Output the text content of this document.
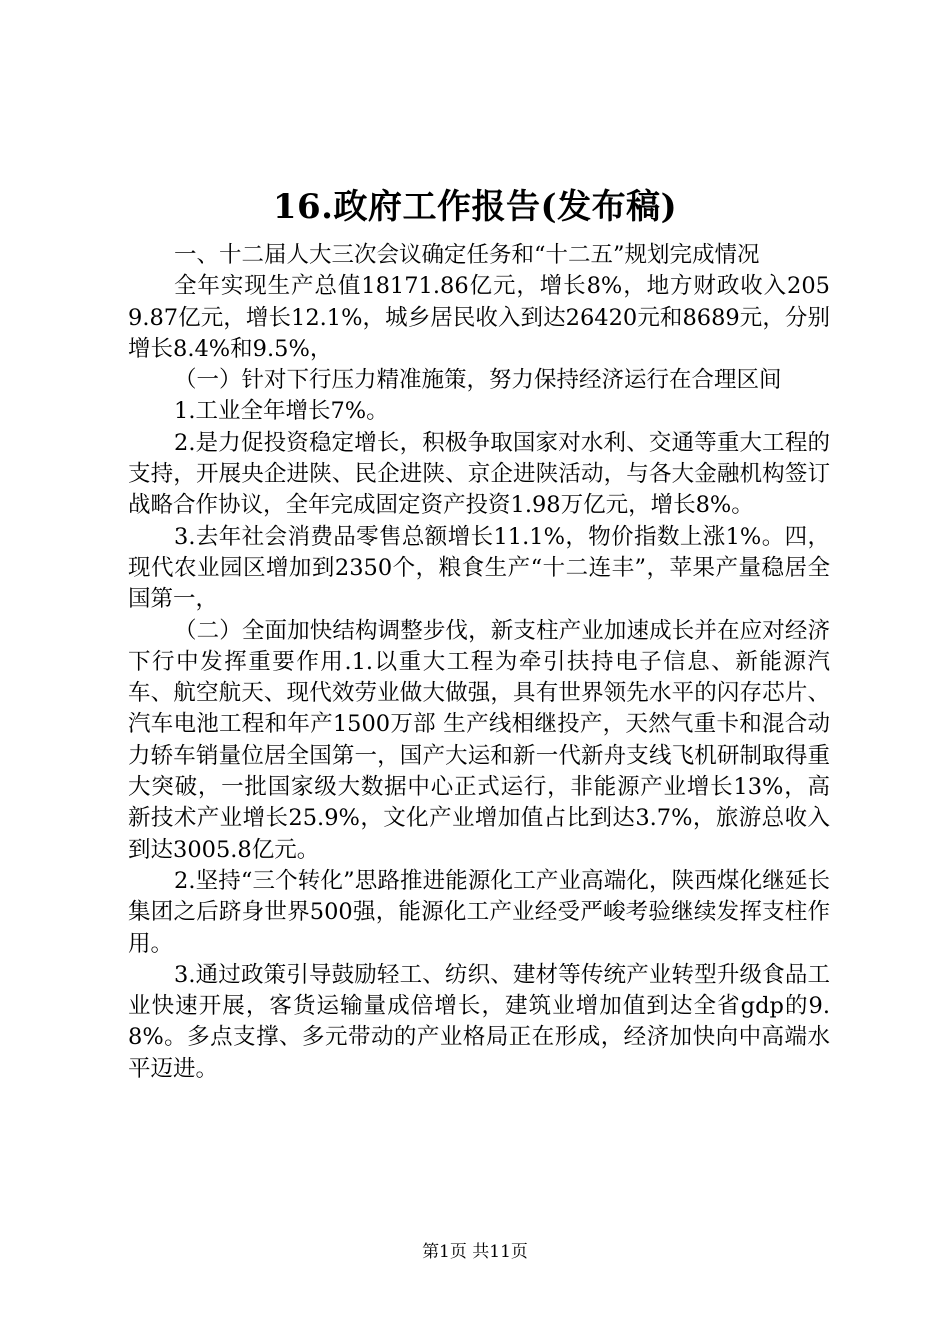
16.政府工作报告(发布稿)

一、十二届人大三次会议确定任务和“十二五”规划完成情况

全年实现生产总值18171.86亿元，增长8%，地方财政收入2059.87亿元，增长12.1%，城乡居民收入到达26420元和8689元，分别增长8.4%和9.5%，

（一）针对下行压力精准施策，努力保持经济运行在合理区间

1.工业全年增长7%。

2.是力促投资稳定增长，积极争取国家对水利、交通等重大工程的支持，开展央企进陕、民企进陕、京企进陕活动，与各大金融机构签订战略合作协议，全年完成固定资产投资1.98万亿元，增长8%。

3.去年社会消费品零售总额增长11.1%，物价指数上涨1%。四，现代农业园区增加到2350个，粮食生产“十二连丰”，苹果产量稳居全国第一，

（二）全面加快结构调整步伐，新支柱产业加速成长并在应对经济下行中发挥重要作用.1.以重大工程为牵引扶持电子信息、新能源汽车、航空航天、现代效劳业做大做强，具有世界领先水平的闪存芯片、汽车电池工程和年产1500万部 生产线相继投产，天然气重卡和混合动力轿车销量位居全国第一，国产大运和新一代新舟支线飞机研制取得重大突破，一批国家级大数据中心正式运行，非能源产业增长13%，高新技术产业增长25.9%，文化产业增加值占比到达3.7%，旅游总收入到达3005.8亿元。

2.坚持“三个转化”思路推进能源化工产业高端化，陕西煤化继延长集团之后跻身世界500强，能源化工产业经受严峻考验继续发挥支柱作用。

3.通过政策引导鼓励轻工、纺织、建材等传统产业转型升级食品工业快速开展，客货运输量成倍增长，建筑业增加值到达全省gdp的9.8%。多点支撑、多元带动的产业格局正在形成，经济加快向中高端水平迈进。

第1页 共11页
